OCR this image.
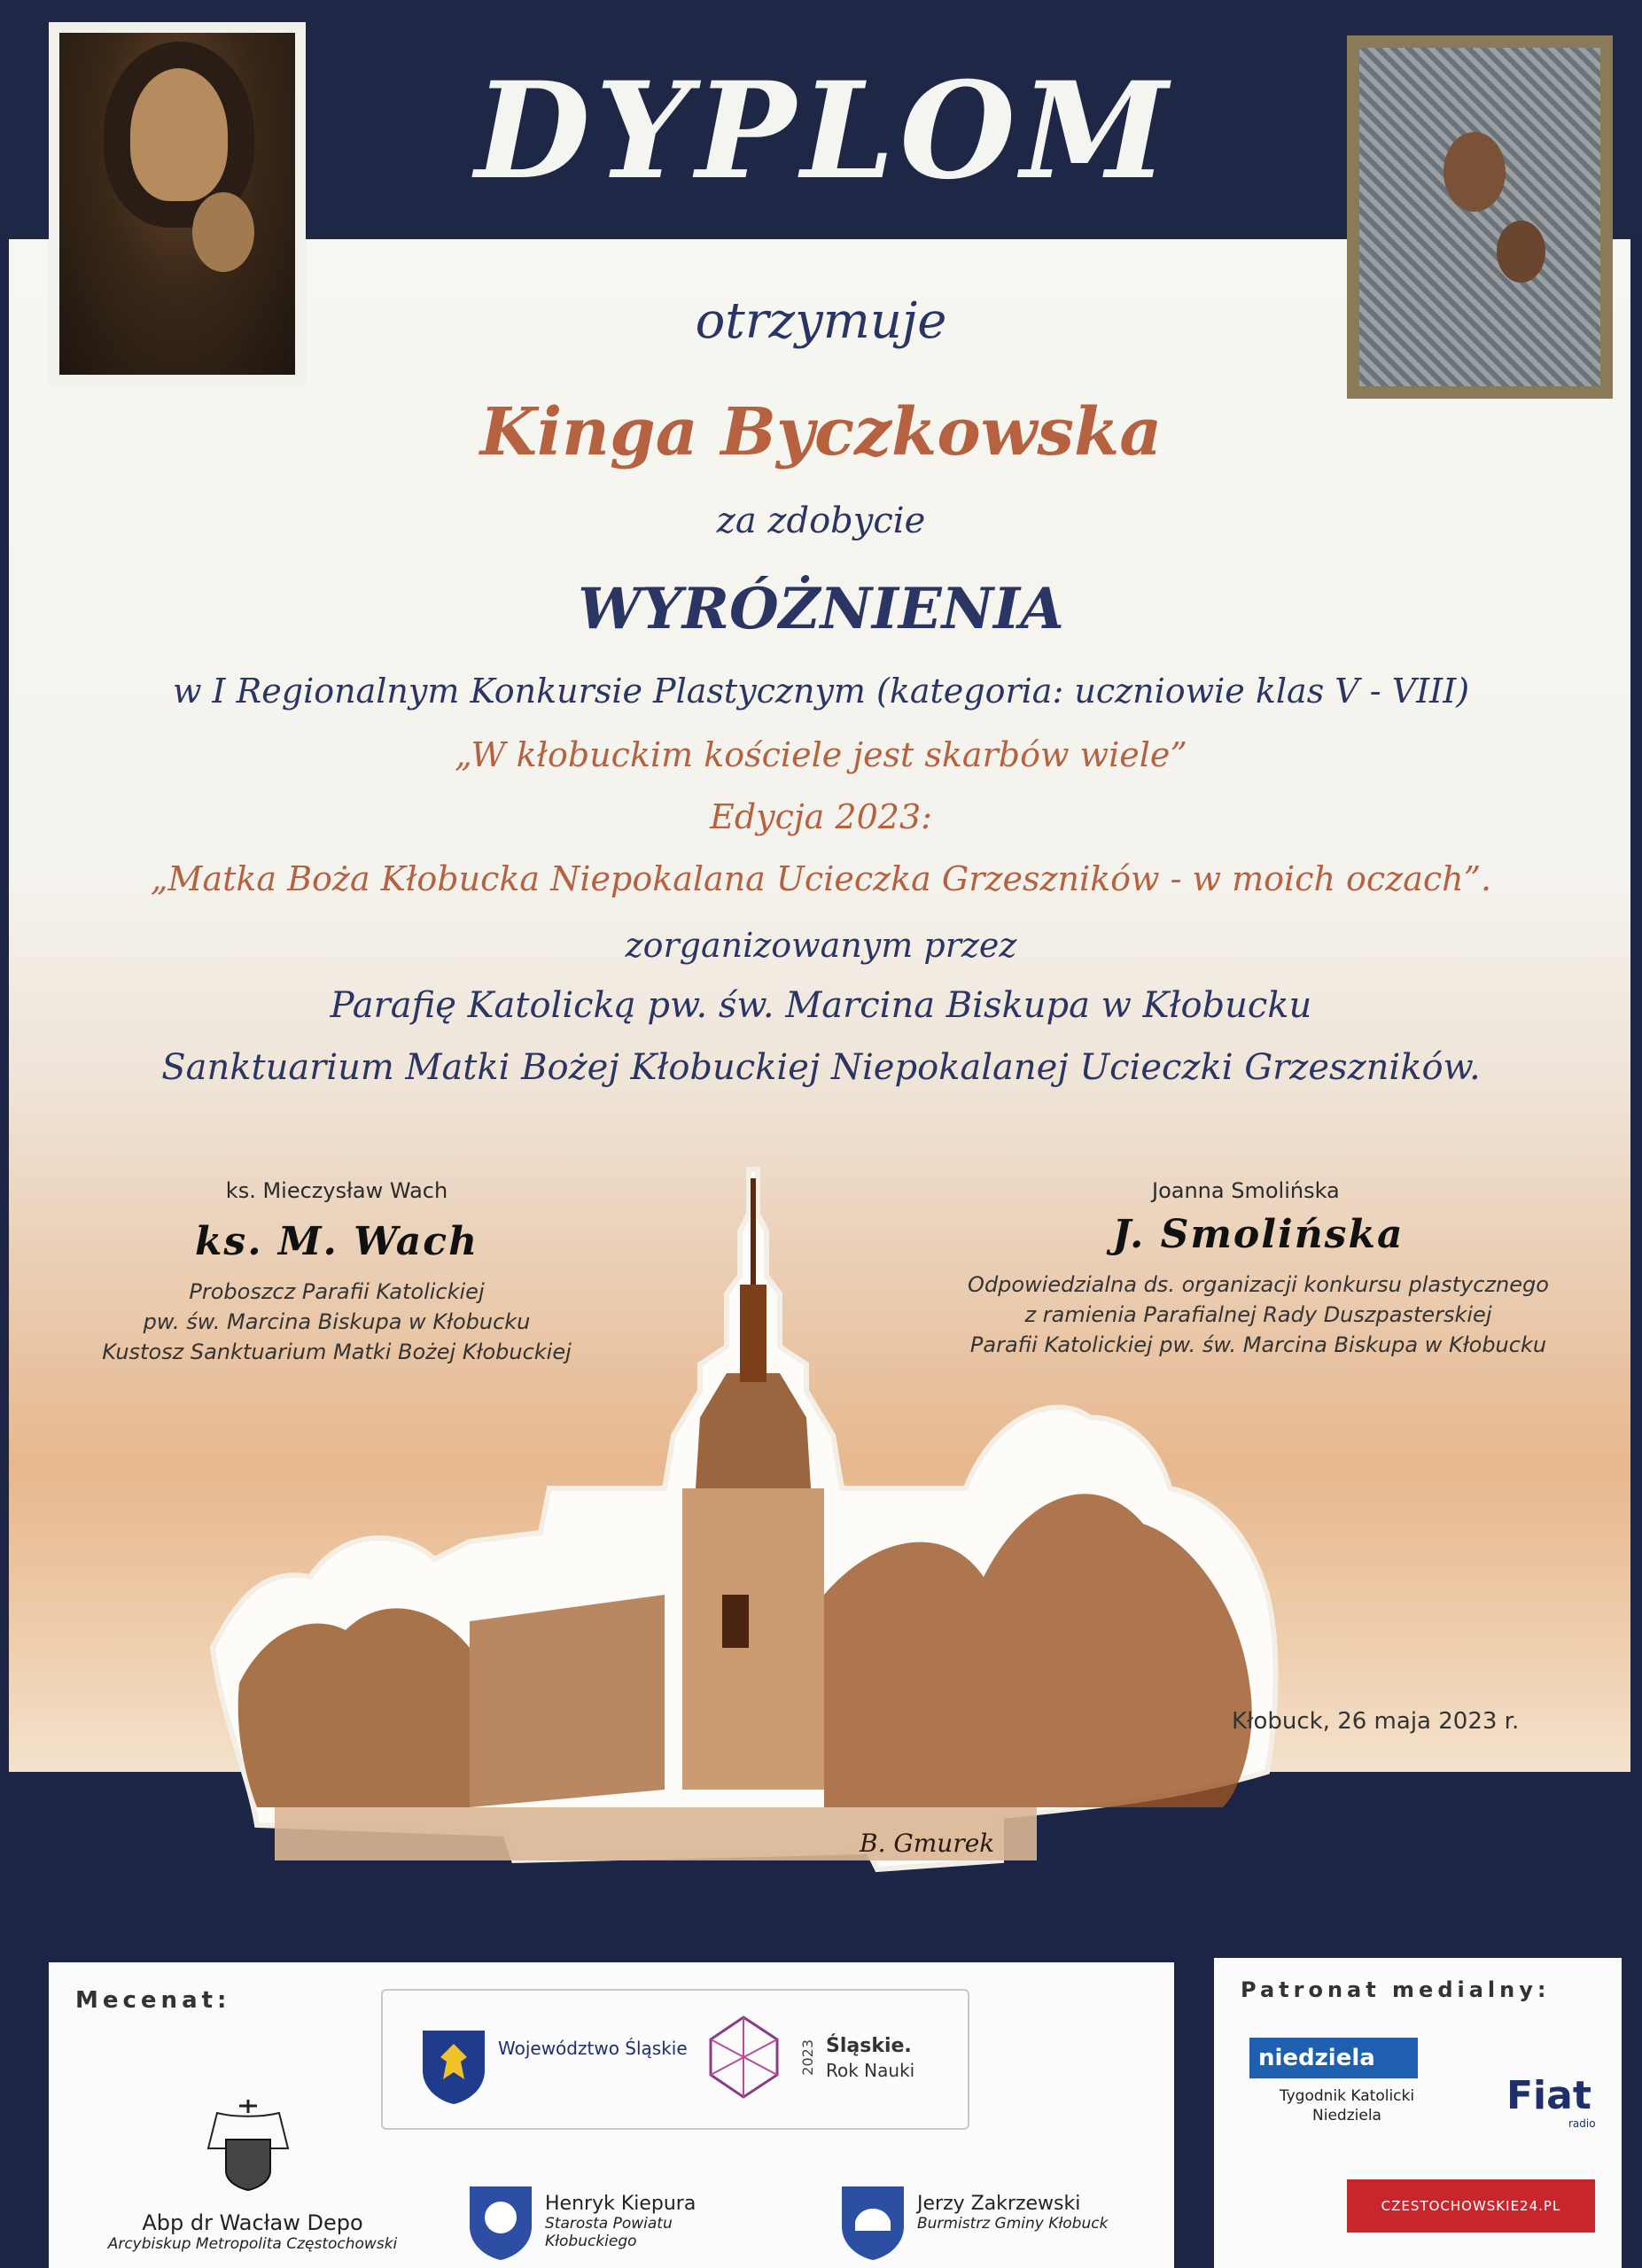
DYPLOM

otrzymuje

Kinga Byczkowska

za zdobycie

WYRÓŻNIENIA

w I Regionalnym Konkursie Plastycznym (kategoria: uczniowie klas V - VIII)

„W kłobuckim kościele jest skarbów wiele”

Edycja 2023:

„Matka Boża Kłobucka Niepokalana Ucieczka Grzeszników - w moich oczach”.

zorganizowanym przez

Parafię Katolicką pw. św. Marcina Biskupa w Kłobucku

Sanktuarium Matki Bożej Kłobuckiej Niepokalanej Ucieczki Grzeszników.

ks. Mieczysław Wach
ks. M. Wach
Proboszcz Parafii Katolickiej
pw. św. Marcina Biskupa w Kłobucku
Kustosz Sanktuarium Matki Bożej Kłobuckiej
Joanna Smolińska
J. Smolińska
Odpowiedzialna ds. organizacji konkursu plastycznego
z ramienia Parafialnej Rady Duszpasterskiej
Parafii Katolickiej pw. św. Marcina Biskupa w Kłobucku
B. Gmurek
Kłobuck, 26 maja 2023 r.
Mecenat:
Województwo Śląskie	2023 Śląskie.
Rok Nauki
Abp dr Wacław Depo
Arcybiskup Metropolita Częstochowski
Henryk Kiepura
Starosta Powiatu Kłobuckiego
Jerzy Zakrzewski
Burmistrz Gminy Kłobuck
Patronat medialny:
niedziela
Tygodnik Katolicki
Niedziela	Fiat
radio
CZESTOCHOWSKIE24.PL
